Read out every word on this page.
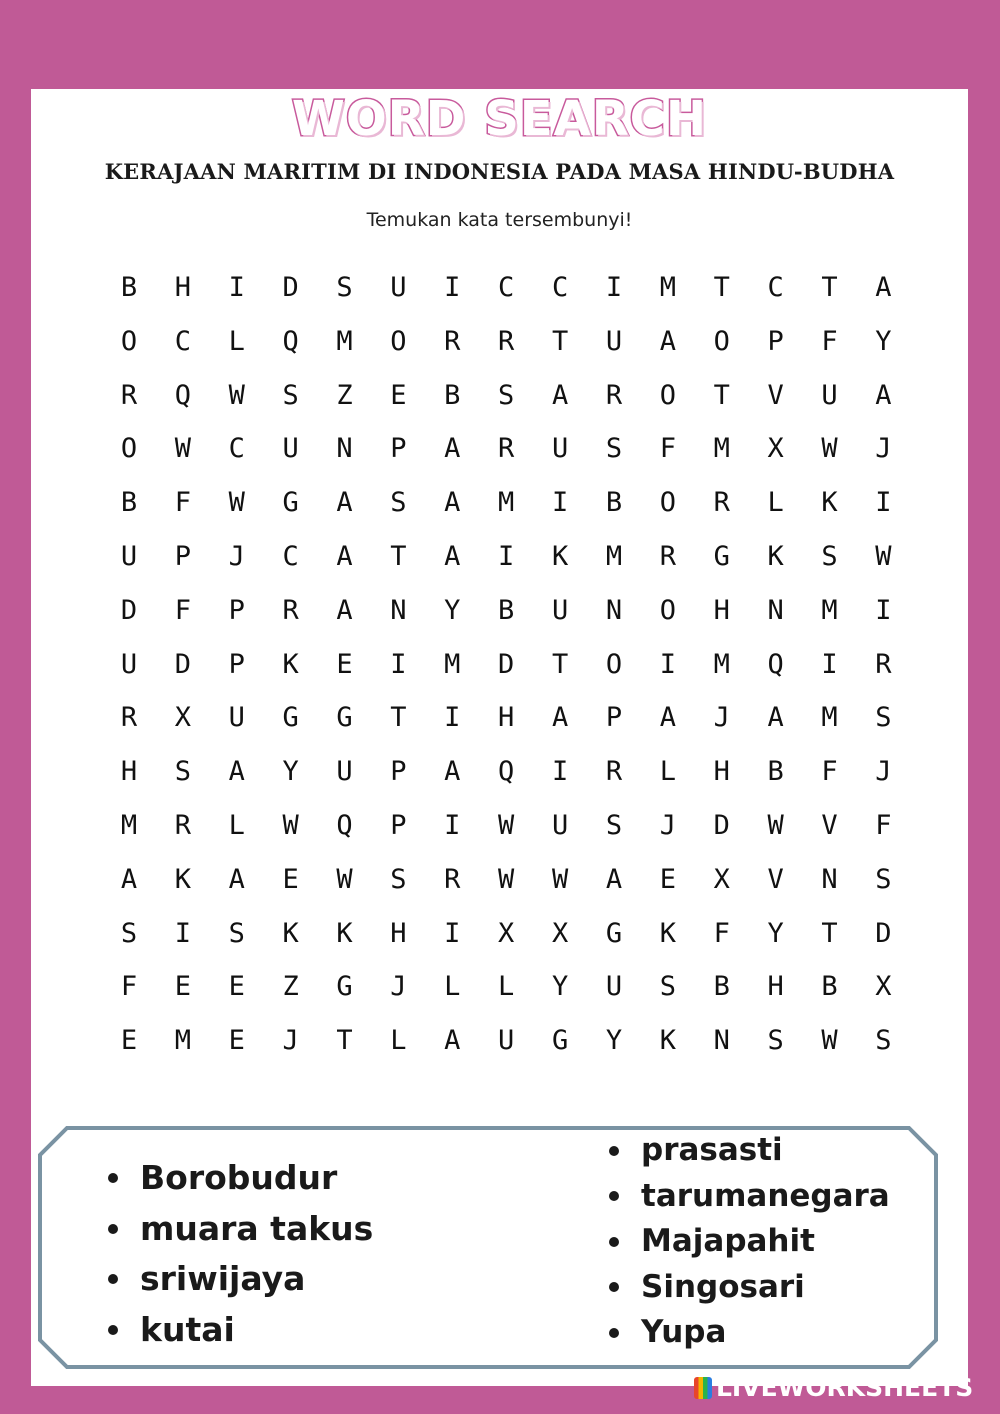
WORD SEARCH
KERAJAAN MARITIM DI INDONESIA PADA MASA HINDU-BUDHA
Temukan kata tersembunyi!
B	H	I	D	S	U	I	C	C	I	M	T	C	T	A
O	C	L	Q	M	O	R	R	T	U	A	O	P	F	Y
R	Q	W	S	Z	E	B	S	A	R	O	T	V	U	A
O	W	C	U	N	P	A	R	U	S	F	M	X	W	J
B	F	W	G	A	S	A	M	I	B	O	R	L	K	I
U	P	J	C	A	T	A	I	K	M	R	G	K	S	W
D	F	P	R	A	N	Y	B	U	N	O	H	N	M	I
U	D	P	K	E	I	M	D	T	O	I	M	Q	I	R
R	X	U	G	G	T	I	H	A	P	A	J	A	M	S
H	S	A	Y	U	P	A	Q	I	R	L	H	B	F	J
M	R	L	W	Q	P	I	W	U	S	J	D	W	V	F
A	K	A	E	W	S	R	W	W	A	E	X	V	N	S
S	I	S	K	K	H	I	X	X	G	K	F	Y	T	D
F	E	E	Z	G	J	L	L	Y	U	S	B	H	B	X
E	M	E	J	T	L	A	U	G	Y	K	N	S	W	S
Borobudur
muara takus
sriwijaya
kutai
prasasti
tarumanegara
Majapahit
Singosari
Yupa
LIVEWORKSHEETS
